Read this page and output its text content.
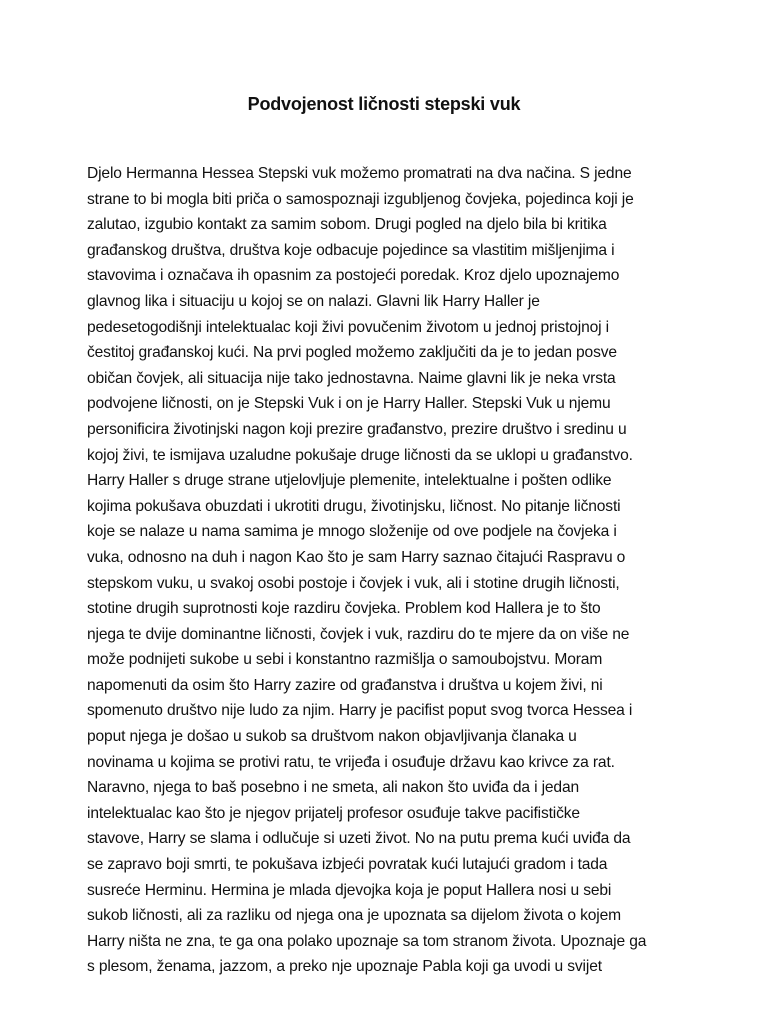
Podvojenost ličnosti stepski vuk
Djelo Hermanna Hessea Stepski vuk možemo promatrati na dva načina. S jedne
strane to bi mogla biti priča o samospoznaji izgubljenog čovjeka, pojedinca koji je
zalutao, izgubio kontakt za samim sobom. Drugi pogled na djelo bila bi kritika
građanskog društva, društva koje odbacuje pojedince sa vlastitim mišljenjima i
stavovima i označava ih opasnim za postojeći poredak. Kroz djelo upoznajemo
glavnog lika i situaciju u kojoj se on nalazi. Glavni lik Harry Haller je
pedesetogodišnji intelektualac koji živi povučenim životom u jednoj pristojnoj i
čestitoj građanskoj kući. Na prvi pogled možemo zaključiti da je to jedan posve
običan čovjek, ali situacija nije tako jednostavna. Naime glavni lik je neka vrsta
podvojene ličnosti, on je Stepski Vuk i on je Harry Haller. Stepski Vuk u njemu
personificira životinjski nagon koji prezire građanstvo, prezire društvo i sredinu u
kojoj živi, te ismijava uzaludne pokušaje druge ličnosti da se uklopi u građanstvo.
Harry Haller s druge strane utjelovljuje plemenite, intelektualne i pošten odlike
kojima pokušava obuzdati i ukrotiti drugu, životinjsku, ličnost. No pitanje ličnosti
koje se nalaze u nama samima je mnogo složenije od ove podjele na čovjeka i
vuka, odnosno na duh i nagon Kao što je sam Harry saznao čitajući Raspravu o
stepskom vuku, u svakoj osobi postoje i čovjek i vuk, ali i stotine drugih ličnosti,
stotine drugih suprotnosti koje razdiru čovjeka. Problem kod Hallera je to što
njega te dvije dominantne ličnosti, čovjek i vuk, razdiru do te mjere da on više ne
može podnijeti sukobe u sebi i konstantno razmišlja o samoubojstvu. Moram
napomenuti da osim što Harry zazire od građanstva i društva u kojem živi, ni
spomenuto društvo nije ludo za njim. Harry je pacifist poput svog tvorca Hessea i
poput njega je došao u sukob sa društvom nakon objavljivanja članaka u
novinama u kojima se protivi ratu, te vrijeđa i osuđuje državu kao krivce za rat.
Naravno, njega to baš posebno i ne smeta, ali nakon što uviđa da i jedan
intelektualac kao što je njegov prijatelj profesor osuđuje takve pacifističke
stavove, Harry se slama i odlučuje si uzeti život. No na putu prema kući uviđa da
se zapravo boji smrti, te pokušava izbjeći povratak kući lutajući gradom i tada
susreće Herminu. Hermina je mlada djevojka koja je poput Hallera nosi u sebi
sukob ličnosti, ali za razliku od njega ona je upoznata sa dijelom života o kojem
Harry ništa ne zna, te ga ona polako upoznaje sa tom stranom života. Upoznaje ga
s plesom, ženama, jazzom, a preko nje upoznaje Pabla koji ga uvodi u svijet
